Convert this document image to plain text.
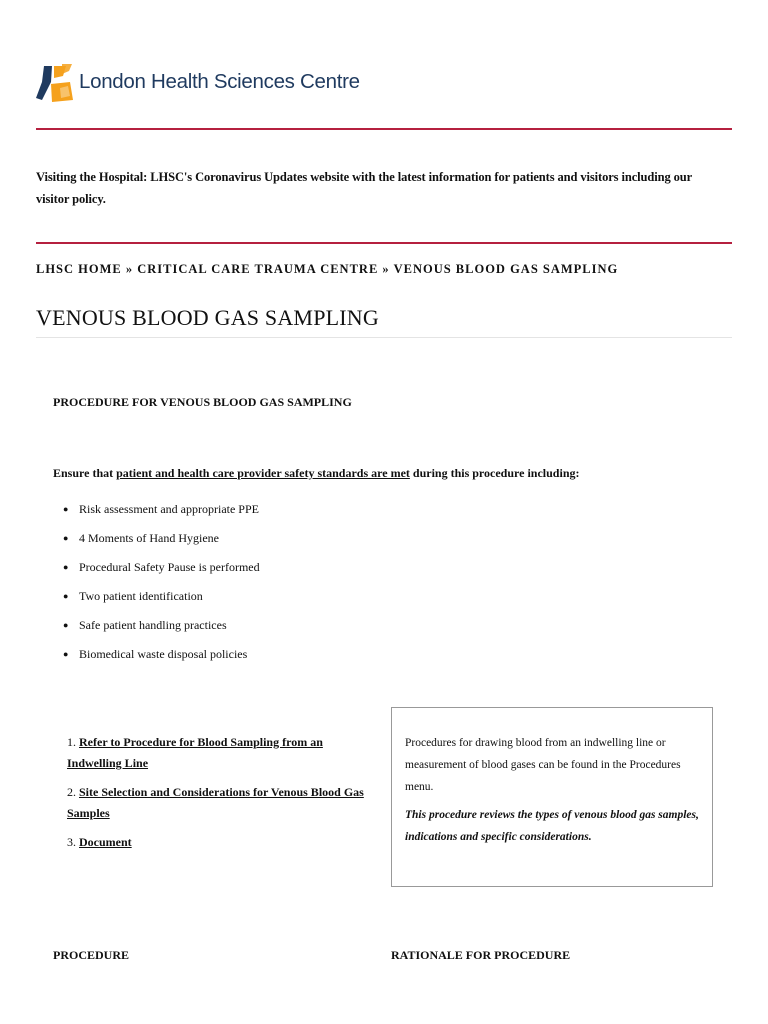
London Health Sciences Centre
Visiting the Hospital: LHSC's Coronavirus Updates website with the latest information for patients and visitors including our visitor policy.
LHSC HOME » CRITICAL CARE TRAUMA CENTRE » VENOUS BLOOD GAS SAMPLING
VENOUS BLOOD GAS SAMPLING
PROCEDURE FOR VENOUS BLOOD GAS SAMPLING
Ensure that patient and health care provider safety standards are met during this procedure including:
● Risk assessment and appropriate PPE
● 4 Moments of Hand Hygiene
● Procedural Safety Pause is performed
● Two patient identification
● Safe patient handling practices
● Biomedical waste disposal policies
1. Refer to Procedure for Blood Sampling from an Indwelling Line
2. Site Selection and Considerations for Venous Blood Gas Samples
3. Document

Procedures for drawing blood from an indwelling line or measurement of blood gases can be found in the Procedures menu.

This procedure reviews the types of venous blood gas samples, indications and specific considerations.

PROCEDURE	RATIONALE FOR PROCEDURE
